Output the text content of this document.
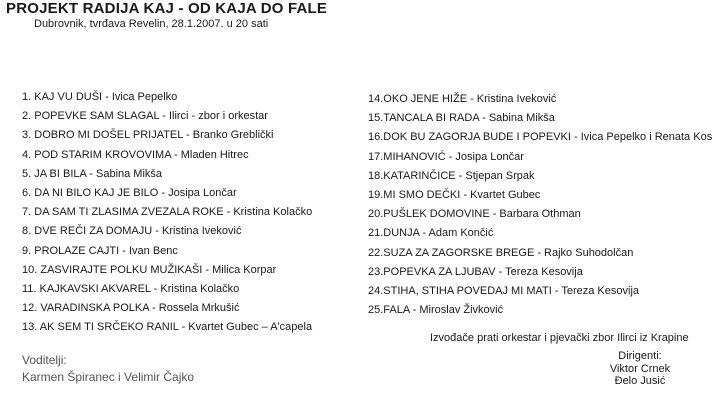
PROJEKT RADIJA KAJ - OD KAJA DO FALE
Dubrovnik, tvrđava Revelin, 28.1.2007. u 20 sati
1. KAJ VU DUŠI - Ivica Pepelko
2. POPEVKE SAM SLAGAL - Ilirci - zbor i orkestar
3. DOBRO MI DOŠEL PRIJATEL - Branko Greblički
4. POD STARIM KROVOVIMA - Mladen Hitrec
5. JA BI BILA - Sabina Mikša
6. DA NI BILO KAJ JE BILO - Josipa Lončar
7. DA SAM TI ZLASIMA ZVEZALA ROKE - Kristina Kolačko
8. DVE REČI ZA DOMAJU - Kristina Iveković
9. PROLAZE CAJTI - Ivan Benc
10. ZASVIRAJTE POLKU MUŽIKAŠI - Milica Korpar
11. KAJKAVSKI AKVAREL - Kristina Kolačko
12. VARADINSKA POLKA - Rossela Mrkušić
13. AK SEM TI SRČEKO RANIL - Kvartet Gubec – A'capela
14.OKO JENE HIŽE - Kristina Iveković
15.TANCALA BI RADA - Sabina Mikša
16.DOK BU ZAGORJA BUDE I POPEVKI - Ivica Pepelko i Renata Kos
17.MIHANOVIĆ - Josipa Lončar
18.KATARINČICE - Stjepan Srpak
19.MI SMO DEČKI - Kvartet Gubec
20.PUŠLEK DOMOVINE - Barbara Othman
21.DUNJA - Adam Končić
22.SUZA ZA ZAGORSKE BREGE - Rajko Suhodolčan
23.POPEVKA ZA LJUBAV - Tereza Kesovija
24.STIHA, STIHA POVEDAJ MI MATI - Tereza Kesovija
25.FALA - Miroslav Živković
Izvođače prati orkestar i pjevački zbor Ilirci iz Krapine
Voditelji:
Karmen Špiranec i Velimir Čajko
Dirigenti:
Viktor Crnek
Đelo Jusić
